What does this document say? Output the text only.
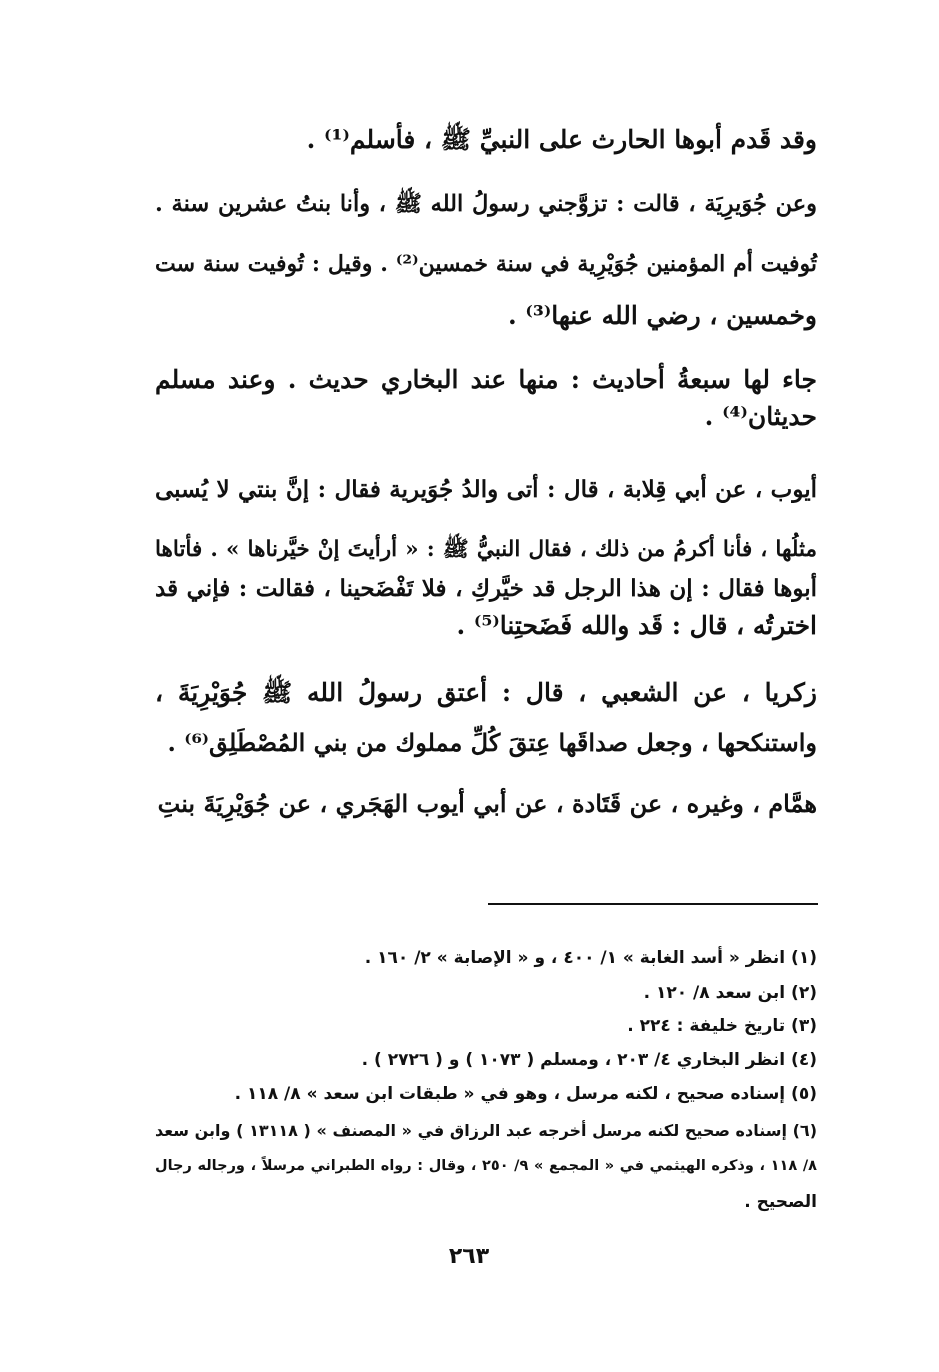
وقد قَدم أبوها الحارث على النبيِّ ﷺ ، فأسلم⁽¹⁾ .
وعن جُوَيرِيَة ، قالت : تزوَّجني رسولُ الله ﷺ ، وأنا بنتُ عشرين سنة .
تُوفيت أم المؤمنين جُوَيْرِية في سنة خمسين⁽²⁾ . وقيل : تُوفيت سنة ست
وخمسين ، رضي الله عنها⁽³⁾ .
جاء لها سبعةُ أحاديث : منها عند البخاري حديث . وعند مسلم
حديثان⁽⁴⁾ .
أيوب ، عن أبي قِلابة ، قال : أتى والدُ جُوَيرية فقال : إنَّ بنتي لا يُسبى
مثلُها ، فأنا أكرمُ من ذلك ، فقال النبيُّ ﷺ : « أرأيتَ إنْ خيَّرناها » . فأتاها
أبوها فقال : إن هذا الرجل قد خيَّركِ ، فلا تَفْضَحينا ، فقالت : فإني قد
اخترتُه ، قال : قَد والله فَضَحتِنا⁽⁵⁾ .
زكريا ، عن الشعبي ، قال : أعتق رسولُ الله ﷺ جُوَيْرِيَةَ ،
واستنكحها ، وجعل صداقَها عِتقَ كُلِّ مملوك من بني المُصْطَلِق⁽⁶⁾ .
همَّام ، وغيره ، عن قَتَادة ، عن أبي أيوب الهَجَري ، عن جُوَيْرِيَةَ بنتِ
(١) انظر « أسد الغابة » ١/ ٤٠٠ ، و « الإصابة » ٢/ ١٦٠ .
(٢) ابن سعد ٨/ ١٢٠ .
(٣) تاريخ خليفة : ٢٢٤ .
(٤) انظر البخاري ٤/ ٢٠٣ ، ومسلم ( ١٠٧٣ ) و ( ٢٧٢٦ ) .
(٥) إسناده صحيح ، لكنه مرسل ، وهو في « طبقات ابن سعد » ٨/ ١١٨ .
(٦) إسناده صحيح لكنه مرسل أخرجه عبد الرزاق في « المصنف » ( ١٣١١٨ ) وابن سعد
٨/ ١١٨ ، وذكره الهيثمي في « المجمع » ٩/ ٢٥٠ ، وقال : رواه الطبراني مرسلاً ، ورجاله رجال
الصحيح .
٢٦٣
